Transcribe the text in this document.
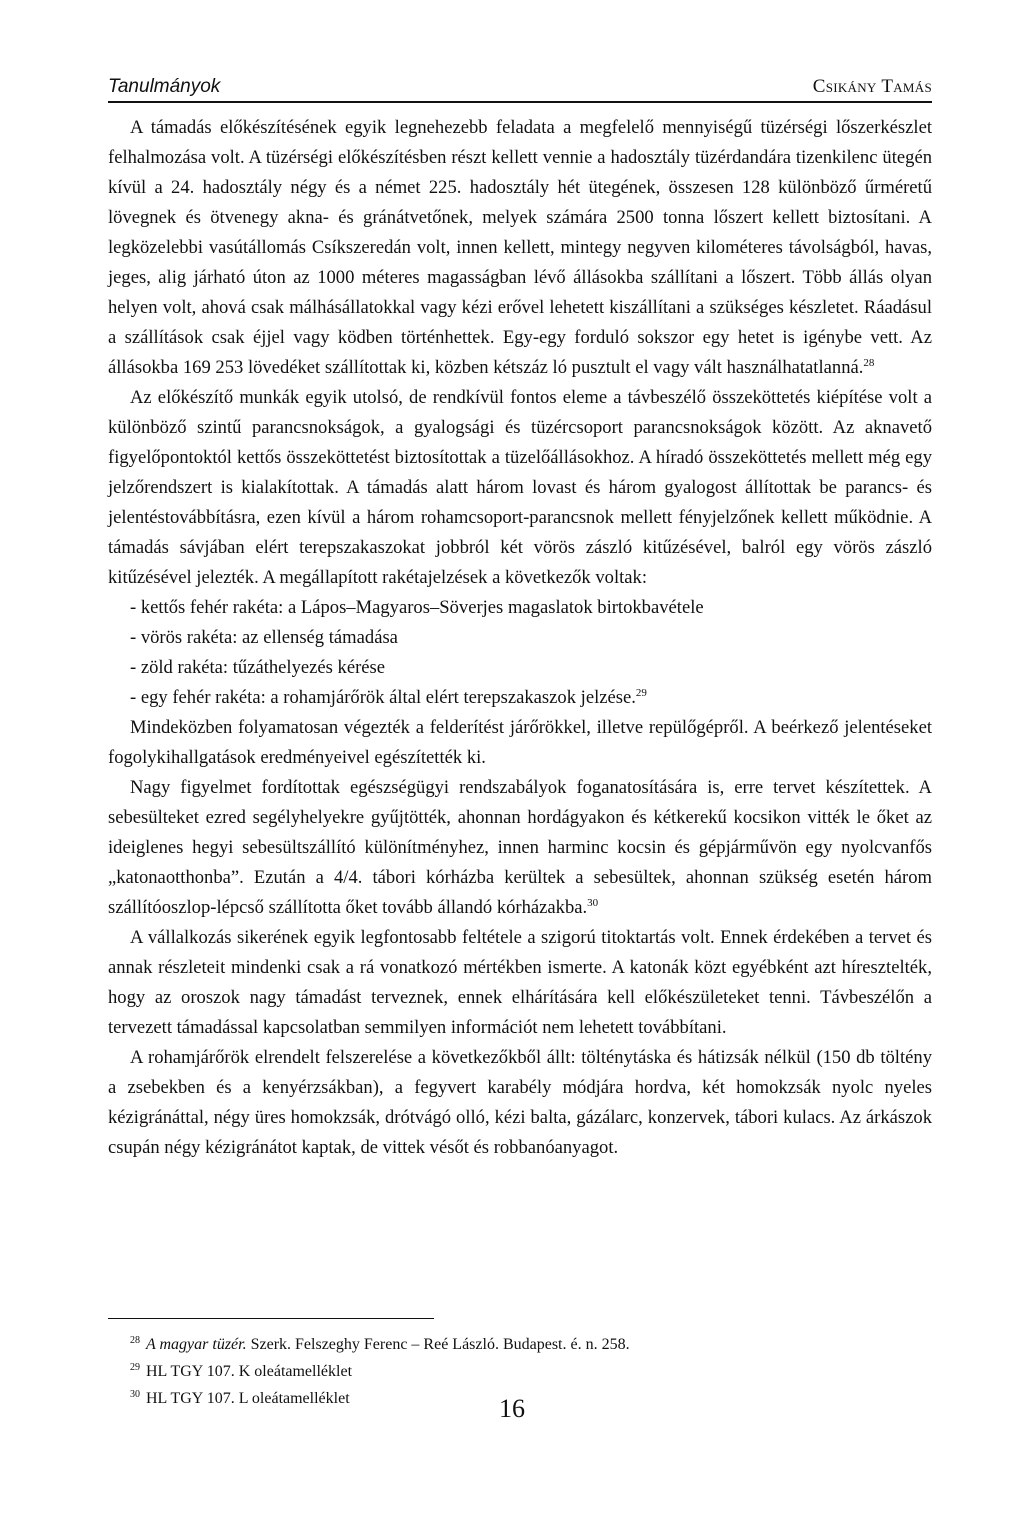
Tanulmányok	Csikány Tamás

A támadás előkészítésének egyik legnehezebb feladata a megfelelő mennyiségű tüzérségi lőszerkészlet felhalmozása volt. A tüzérségi előkészítésben részt kellett vennie a hadosztály tüzérdandára tizenkilenc ütegén kívül a 24. hadosztály négy és a német 225. hadosztály hét ütegének, összesen 128 különböző űrméretű lövegnek és ötvenegy akna- és gránátvetőnek, melyek számára 2500 tonna lőszert kellett biztosítani. A legközelebbi vasútállomás Csíkszeredán volt, innen kellett, mintegy negyven kilométeres távolságból, havas, jeges, alig járható úton az 1000 méteres magasságban lévő állásokba szállítani a lőszert. Több állás olyan helyen volt, ahová csak málhásállatokkal vagy kézi erővel lehetett kiszállítani a szükséges készletet. Ráadásul a szállítások csak éjjel vagy ködben történhettek. Egy-egy forduló sokszor egy hetet is igénybe vett. Az állásokba 169 253 lövedéket szállítottak ki, közben kétszáz ló pusztult el vagy vált használhatatlanná.$^{28}$

Az előkészítő munkák egyik utolsó, de rendkívül fontos eleme a távbeszélő összeköttetés kiépítése volt a különböző szintű parancsnokságok, a gyalogsági és tüzércsoport parancsnokságok között. Az aknavető figyelőpontoktól kettős összeköttetést biztosítottak a tüzelőállásokhoz. A híradó összeköttetés mellett még egy jelzőrendszert is kialakítottak. A támadás alatt három lovast és három gyalogost állítottak be parancs- és jelentéstovábbításra, ezen kívül a három rohamcsoport-parancsnok mellett fényjelzőnek kellett működnie. A támadás sávjában elért terepszakaszokat jobbról két vörös zászló kitűzésével, balról egy vörös zászló kitűzésével jelezték. A megállapított rakétajelzések a következők voltak:

- kettős fehér rakéta: a Lápos–Magyaros–Söverjes magaslatok birtokbavétele
- vörös rakéta: az ellenség támadása
- zöld rakéta: tűzáthelyezés kérése
- egy fehér rakéta: a rohamjárőrök által elért terepszakaszok jelzése.$^{29}$

Mindeközben folyamatosan végezték a felderítést járőrökkel, illetve repülőgépről. A beérkező jelentéseket fogolykihallgatások eredményeivel egészítették ki.

Nagy figyelmet fordítottak egészségügyi rendszabályok foganatosítására is, erre tervet készítettek. A sebesülteket ezred segélyhelyekre gyűjtötték, ahonnan hordágyakon és kétkerekű kocsikon vitték le őket az ideiglenes hegyi sebesültszállító különítményhez, innen harminc kocsin és gépjárművön egy nyolcvanfős „katonaotthonba”. Ezután a 4/4. tábori kórházba kerültek a sebesültek, ahonnan szükség esetén három szállítóoszlop-lépcső szállította őket tovább állandó kórházakba.$^{30}$

A vállalkozás sikerének egyik legfontosabb feltétele a szigorú titoktartás volt. Ennek érdekében a tervet és annak részleteit mindenki csak a rá vonatkozó mértékben ismerte. A katonák közt egyébként azt híresztelték, hogy az oroszok nagy támadást terveznek, ennek elhárítására kell előkészületeket tenni. Távbeszélőn a tervezett támadással kapcsolatban semmilyen információt nem lehetett továbbítani.

A rohamjárőrök elrendelt felszerelése a következőkből állt: tölténytáska és hátizsák nélkül (150 db töltény a zsebekben és a kenyérzsákban), a fegyvert karabély módjára hordva, két homokzsák nyolc nyeles kézigránáttal, négy üres homokzsák, drótvágó olló, kézi balta, gázálarc, konzervek, tábori kulacs. Az árkászok csupán négy kézigránátot kaptak, de vittek vésőt és robbanóanyagot.

$^{28}$ A magyar tüzér. Szerk. Felszeghy Ferenc – Reé László. Budapest. é. n. 258.
$^{29}$ HL TGY 107. K oleátamelléklet
$^{30}$ HL TGY 107. L oleátamelléklet	16
